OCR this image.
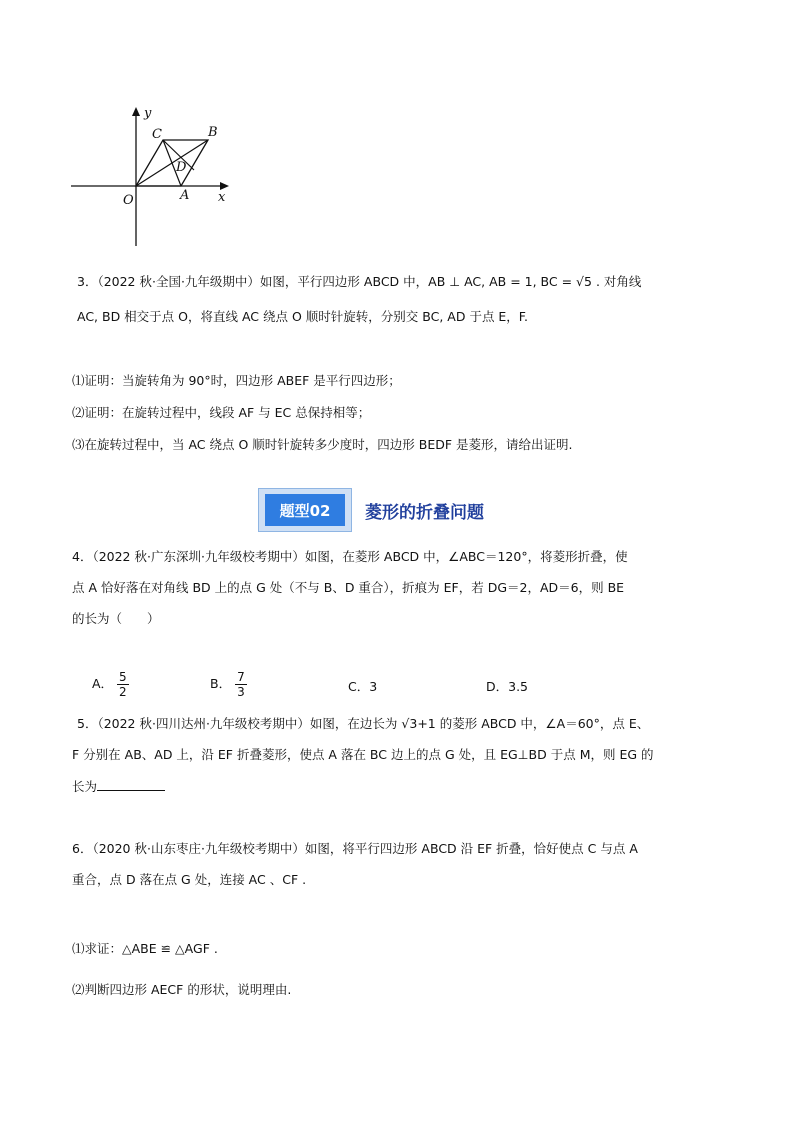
y
x
O
C	B
D
A
3．（2022 秋·全国·九年级期中）如图，平行四边形 ABCD 中，AB ⊥ AC, AB = 1, BC = √5 . 对角线
AC, BD 相交于点 O，将直线 AC 绕点 O 顺时针旋转，分别交 BC, AD 于点 E，F.
⑴证明：当旋转角为 90°时，四边形 ABEF 是平行四边形；
⑵证明：在旋转过程中，线段 AF 与 EC 总保持相等；
⑶在旋转过程中，当 AC 绕点 O 顺时针旋转多少度时，四边形 BEDF 是菱形，请给出证明.
题型02	菱形的折叠问题
4．（2022 秋·广东深圳·九年级校考期中）如图，在菱形 ABCD 中，∠ABC＝120°，将菱形折叠，使
点 A 恰好落在对角线 BD 上的点 G 处（不与 B、D 重合），折痕为 EF，若 DG＝2，AD＝6，则 BE
的长为（　　）
A． $\frac{5}{2}$	B． $\frac{7}{3}$	C．3	D．3.5
5．（2022 秋·四川达州·九年级校考期中）如图，在边长为 √3+1 的菱形 ABCD 中，∠A＝60°，点 E、
F 分别在 AB、AD 上，沿 EF 折叠菱形，使点 A 落在 BC 边上的点 G 处，且 EG⊥BD 于点 M，则 EG 的
长为
6．（2020 秋·山东枣庄·九年级校考期中）如图，将平行四边形 ABCD 沿 EF 折叠，恰好使点 C 与点 A
重合，点 D 落在点 G 处，连接 AC 、CF .
⑴求证：△ABE ≌ △AGF .
⑵判断四边形 AECF 的形状，说明理由.
